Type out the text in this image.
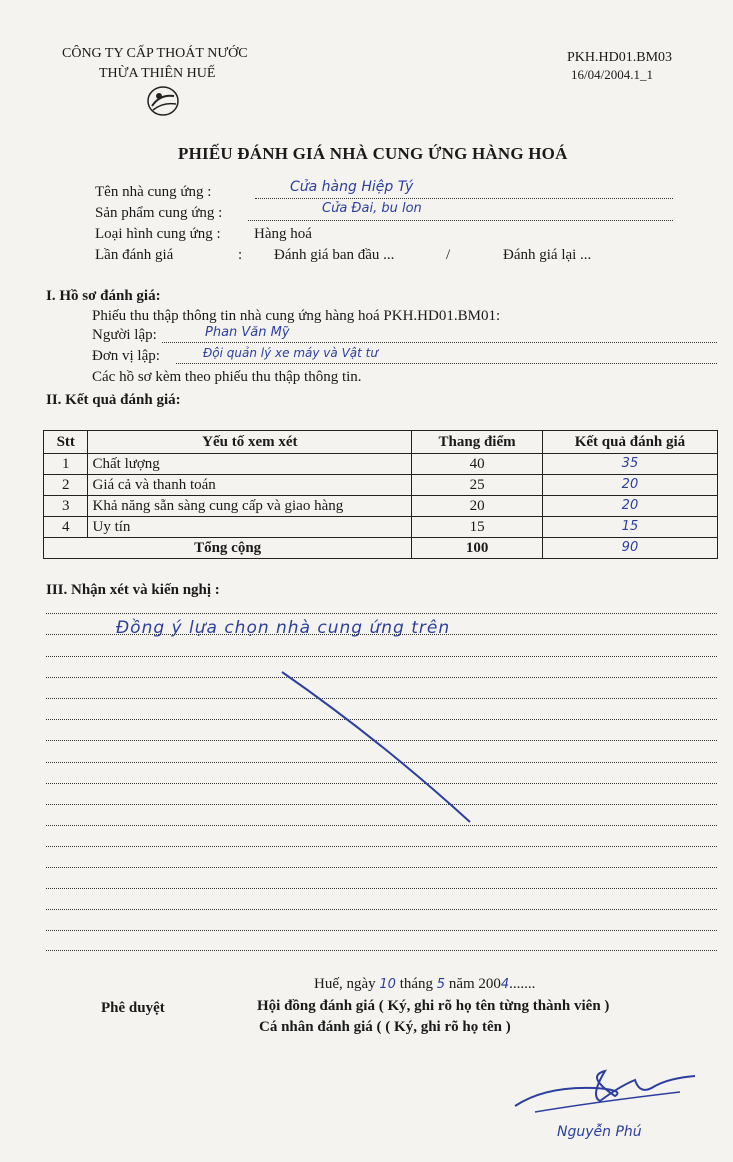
CÔNG TY CẤP THOÁT NƯỚC
THỪA THIÊN HUẾ
PKH.HD01.BM03
16/04/2004.1_1
PHIẾU ĐÁNH GIÁ NHÀ CUNG ỨNG HÀNG HOÁ
Tên nhà cung ứng :	Cửa hàng Hiệp Tý
Sản phẩm cung ứng :	Cửa Đai, bu lon
Loại hình cung ứng : Hàng hoá
Lần đánh giá	: Đánh giá ban đầu ...	/	Đánh giá lại ...
I. Hồ sơ đánh giá:
Phiếu thu thập thông tin nhà cung ứng hàng hoá PKH.HD01.BM01:
Người lập:	Phan Văn Mỹ
Đơn vị lập:	Đội quản lý xe máy và Vật tư
Các hồ sơ kèm theo phiếu thu thập thông tin.
II. Kết quả đánh giá:
Stt	Yếu tố xem xét	Thang điểm	Kết quả đánh giá
1	Chất lượng	40	35
2	Giá cả và thanh toán	25	20
3	Khả năng sẵn sàng cung cấp và giao hàng	20	20
4	Uy tín	15	15
Tổng cộng		100	90
III. Nhận xét và kiến nghị :
Đồng ý lựa chọn nhà cung ứng trên
Huế, ngày 10 tháng 5 năm 2004.......
Phê duyệt	Hội đồng đánh giá ( Ký, ghi rõ họ tên từng thành viên )
Cá nhân đánh giá ( ( Ký, ghi rõ họ tên )
Nguyễn Phú
